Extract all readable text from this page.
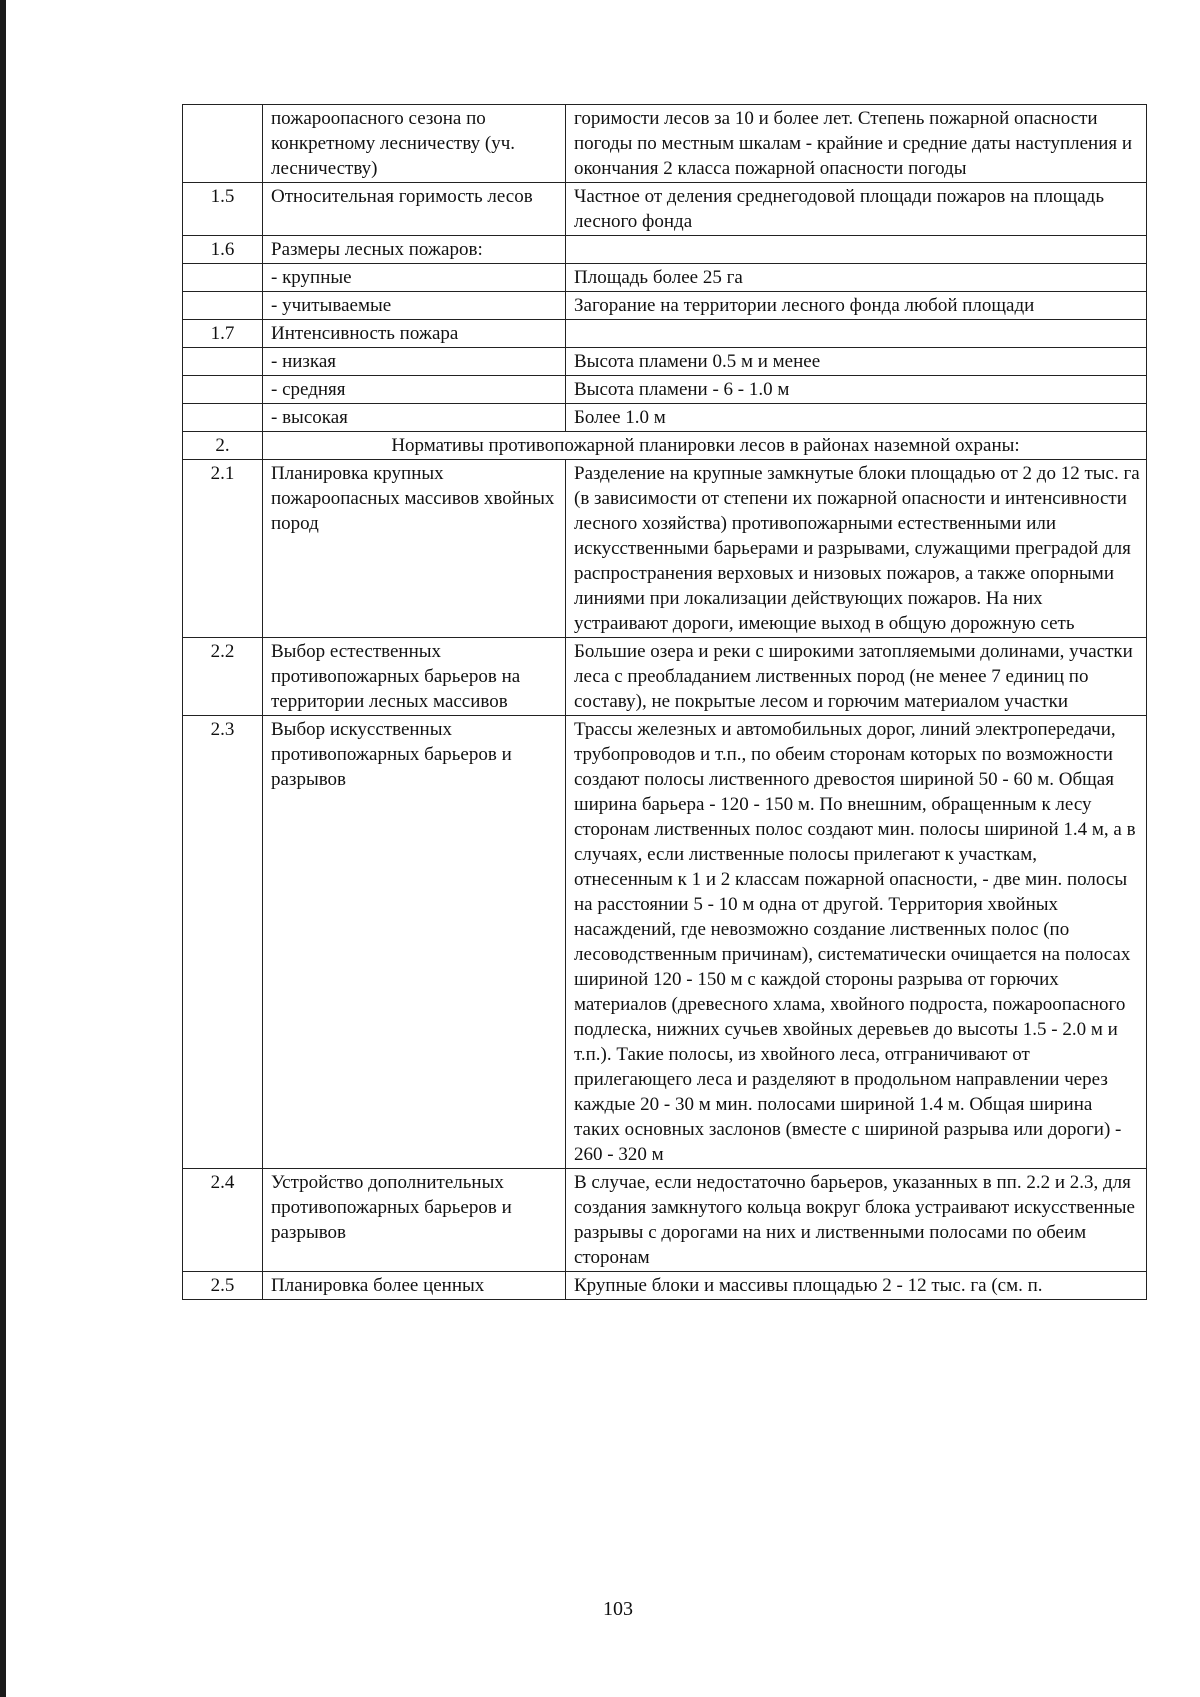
	пожароопасного сезона по конкретному лесничеству (уч. лесничеству)	горимости лесов за 10 и более лет. Степень пожарной опасности погоды по местным шкалам - крайние и средние даты наступления и окончания 2 класса пожарной опасности погоды
1.5	Относительная горимость лесов	Частное от деления среднегодовой площади пожаров на площадь лесного фонда
1.6	Размеры лесных пожаров:	
	- крупные	Площадь более 25 га
	- учитываемые	Загорание на территории лесного фонда любой площади
1.7	Интенсивность пожара	
	- низкая	Высота пламени 0.5 м и менее
	- средняя	Высота пламени - 6 - 1.0 м
	- высокая	Более 1.0 м
2.	Нормативы противопожарной планировки лесов в районах наземной охраны:	
2.1	Планировка крупных пожароопасных массивов хвойных пород	Разделение на крупные замкнутые блоки площадью от 2 до 12 тыс. га (в зависимости от степени их пожарной опасности и интенсивности лесного хозяйства) противопожарными естественными или искусственными барьерами и разрывами, служащими преградой для распространения верховых и низовых пожаров, а также опорными линиями при локализации действующих пожаров. На них устраивают дороги, имеющие выход в общую дорожную сеть
2.2	Выбор естественных противопожарных барьеров на территории лесных массивов	Большие озера и реки с широкими затопляемыми долинами, участки леса с преобладанием лиственных пород (не менее 7 единиц по составу), не покрытые лесом и горючим материалом участки
2.3	Выбор искусственных противопожарных барьеров и разрывов	Трассы железных и автомобильных дорог, линий электропередачи, трубопроводов и т.п., по обеим сторонам которых по возможности создают полосы лиственного древостоя шириной 50 - 60 м. Общая ширина барьера - 120 - 150 м. По внешним, обращенным к лесу сторонам лиственных полос создают мин. полосы шириной 1.4 м, а в случаях, если лиственные полосы прилегают к участкам, отнесенным к 1 и 2 классам пожарной опасности, - две мин. полосы на расстоянии 5 - 10 м одна от другой. Территория хвойных насаждений, где невозможно создание лиственных полос (по лесоводственным причинам), систематически очищается на полосах шириной 120 - 150 м с каждой стороны разрыва от горючих материалов (древесного хлама, хвойного подроста, пожароопасного подлеска, нижних сучьев хвойных деревьев до высоты 1.5 - 2.0 м и т.п.). Такие полосы, из хвойного леса, отграничивают от прилегающего леса и разделяют в продольном направлении через каждые 20 - 30 м мин. полосами шириной 1.4 м. Общая ширина таких основных заслонов (вместе с шириной разрыва или дороги) - 260 - 320 м
2.4	Устройство дополнительных противопожарных барьеров и разрывов	В случае, если недостаточно барьеров, указанных в пп. 2.2 и 2.3, для создания замкнутого кольца вокруг блока устраивают искусственные разрывы с дорогами на них и лиственными полосами по обеим сторонам
2.5	Планировка более ценных	Крупные блоки и массивы площадью 2 - 12 тыс. га (см. п.
103
